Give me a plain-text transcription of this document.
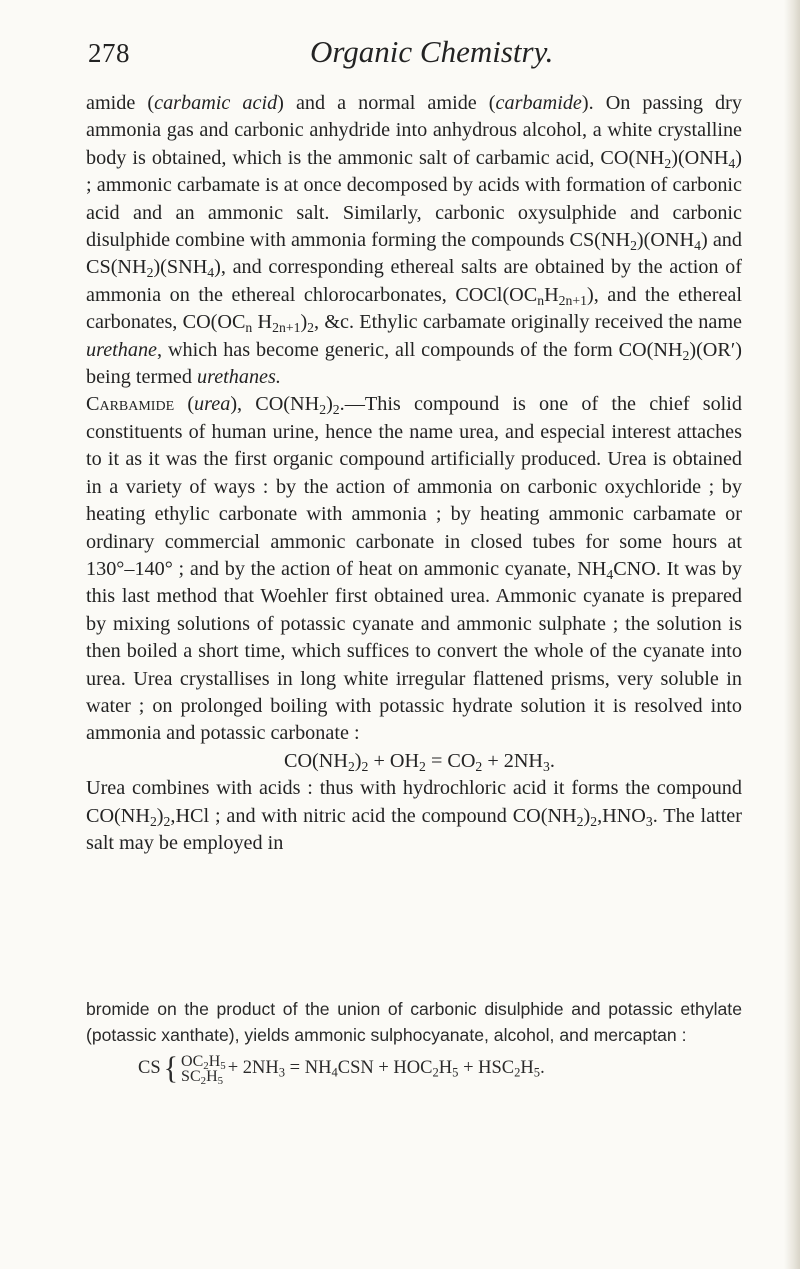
278	Organic Chemistry.

amide (carbamic acid) and a normal amide (carbamide). On passing dry ammonia gas and carbonic anhydride into anhydrous alcohol, a white crystalline body is obtained, which is the ammonic salt of carbamic acid, $CO(NH_2)(ONH_4)$ ; ammonic carbamate is at once decomposed by acids with formation of carbonic acid and an ammonic salt. Similarly, carbonic oxysulphide and carbonic disulphide combine with ammonia forming the compounds $CS(NH_2)(ONH_4)$ and $CS(NH_2)(SNH_4)$, and corresponding ethereal salts are obtained by the action of ammonia on the ethereal chlorocarbonates, $COCl(OC_nH_{2n+1})$, and the ethereal carbonates, $CO(OC_n$ $H_{2n+1})_2$, &c. Ethylic carbamate originally received the name urethane, which has become generic, all compounds of the form $CO(NH_2)(OR')$ being termed urethanes.

Carbamide (urea), $CO(NH_2)_2.—This$ compound is one of the chief solid constituents of human urine, hence the name urea, and especial interest attaches to it as it was the first organic compound artificially produced. Urea is obtained in a variety of ways : by the action of ammonia on carbonic oxychloride ; by heating ethylic carbonate with ammonia ; by heating ammonic carbamate or ordinary commercial ammonic carbonate in closed tubes for some hours at 130°–140° ; and by the action of heat on ammonic cyanate, $NH_4CNO$. It was by this last method that Woehler first obtained urea. Ammonic cyanate is prepared by mixing solutions of potassic cyanate and ammonic sulphate ; the solution is then boiled a short time, which suffices to convert the whole of the cyanate into urea. Urea crystallises in long white irregular flattened prisms, very soluble in water ; on prolonged boiling with potassic hydrate solution it is resolved into ammonia and potassic carbonate :

$CO(NH_2)_2 + OH_2 = CO_2 + 2NH_3$.

Urea combines with acids : thus with hydrochloric acid it forms the compound $CO(NH_2)_2,HCl$ ; and with nitric acid the compound $CO(NH_2)_2,HNO_3$. The latter salt may be employed in

bromide on the product of the union of carbonic disulphide and potassic ethylate (potassic xanthate), yields ammonic sulphocyanate, alcohol, and mercaptan :

CS { $OC_2H_5$
$SC_2H_5$
+ $2NH_3 = NH_4CSN + HOC_2H_5 + HSC_2H_5$.
